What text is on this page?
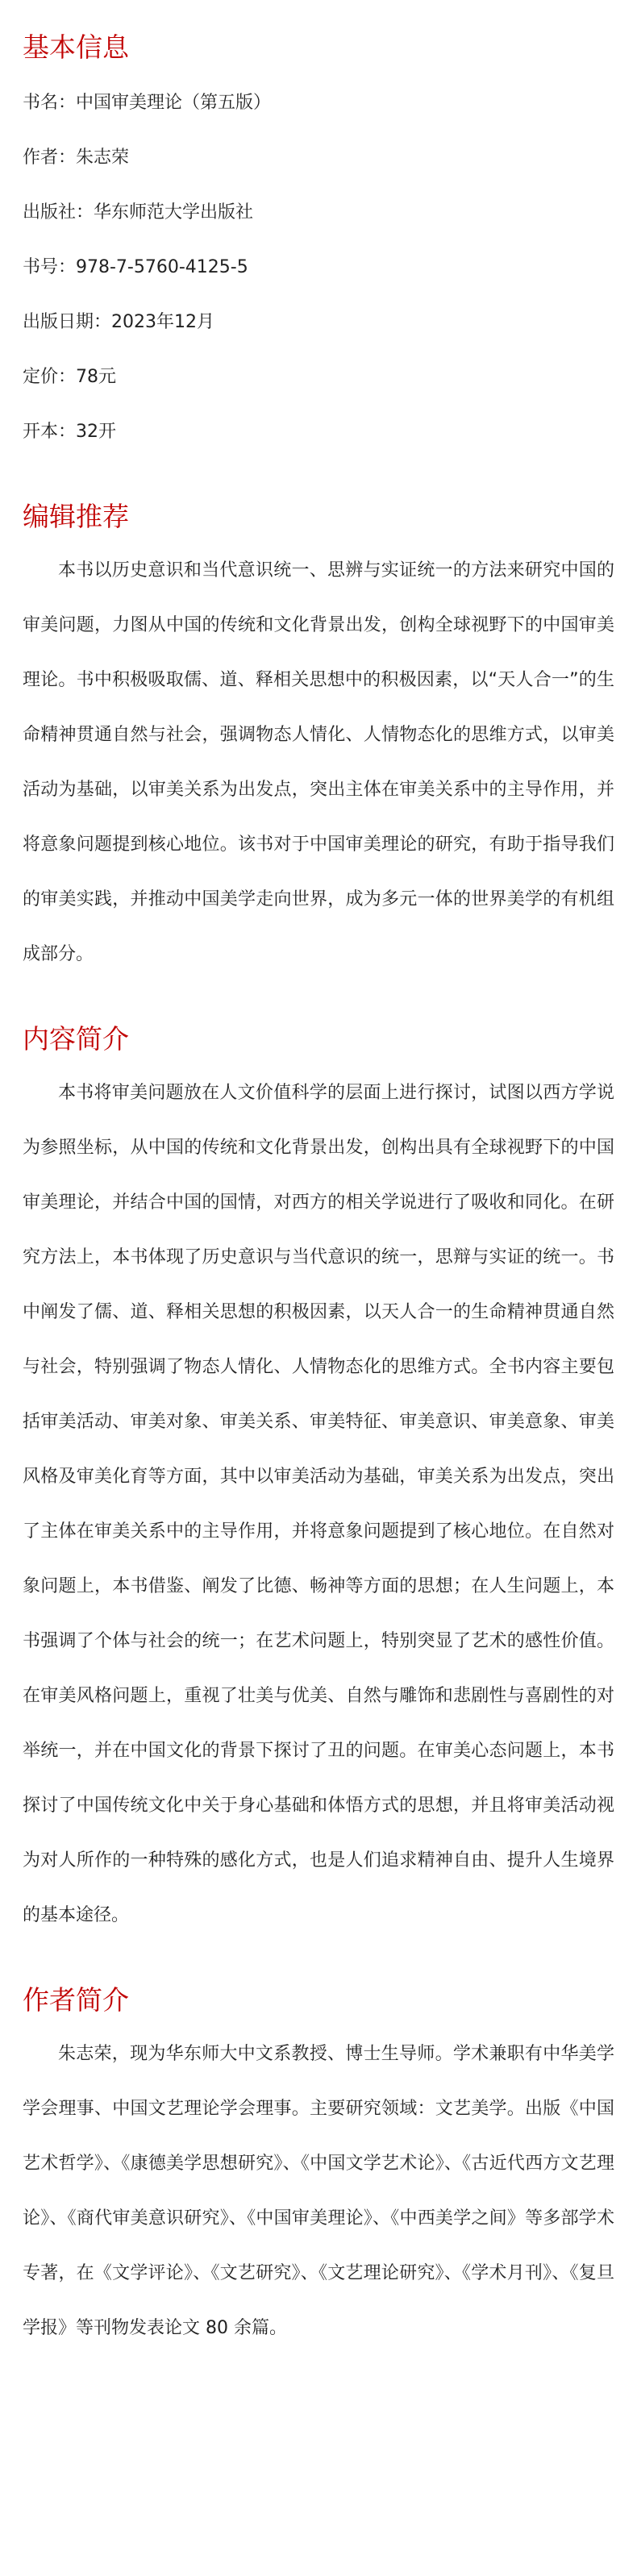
基本信息
书名：中国审美理论（第五版）
作者：朱志荣
出版社：华东师范大学出版社
书号：978-7-5760-4125-5
出版日期：2023年12月
定价：78元
开本：32开
编辑推荐

本书以历史意识和当代意识统一、思辨与实证统一的方法来研究中国的审美问题，力图从中国的传统和文化背景出发，创构全球视野下的中国审美理论。书中积极吸取儒、道、释相关思想中的积极因素，以“天人合一”的生命精神贯通自然与社会，强调物态人情化、人情物态化的思维方式，以审美活动为基础，以审美关系为出发点，突出主体在审美关系中的主导作用，并将意象问题提到核心地位。该书对于中国审美理论的研究，有助于指导我们的审美实践，并推动中国美学走向世界，成为多元一体的世界美学的有机组成部分。

内容简介

本书将审美问题放在人文价值科学的层面上进行探讨，试图以西方学说为参照坐标，从中国的传统和文化背景出发，创构出具有全球视野下的中国审美理论，并结合中国的国情，对西方的相关学说进行了吸收和同化。在研究方法上，本书体现了历史意识与当代意识的统一，思辩与实证的统一。书中阐发了儒、道、释相关思想的积极因素，以天人合一的生命精神贯通自然与社会，特别强调了物态人情化、人情物态化的思维方式。全书内容主要包括审美活动、审美对象、审美关系、审美特征、审美意识、审美意象、审美风格及审美化育等方面，其中以审美活动为基础，审美关系为出发点，突出了主体在审美关系中的主导作用，并将意象问题提到了核心地位。在自然对象问题上，本书借鉴、阐发了比德、畅神等方面的思想；在人生问题上，本书强调了个体与社会的统一；在艺术问题上，特别突显了艺术的感性价值。在审美风格问题上，重视了壮美与优美、自然与雕饰和悲剧性与喜剧性的对举统一，并在中国文化的背景下探讨了丑的问题。在审美心态问题上，本书探讨了中国传统文化中关于身心基础和体悟方式的思想，并且将审美活动视为对人所作的一种特殊的感化方式，也是人们追求精神自由、提升人生境界的基本途径。

作者简介

朱志荣，现为华东师大中文系教授、博士生导师。学术兼职有中华美学学会理事、中国文艺理论学会理事。主要研究领域：文艺美学。出版《中国艺术哲学》、《康德美学思想研究》、《中国文学艺术论》、《古近代西方文艺理论》、《商代审美意识研究》、《中国审美理论》、《中西美学之间》等多部学术专著，在《文学评论》、《文艺研究》、《文艺理论研究》、《学术月刊》、《复旦学报》等刊物发表论文 80 余篇。
